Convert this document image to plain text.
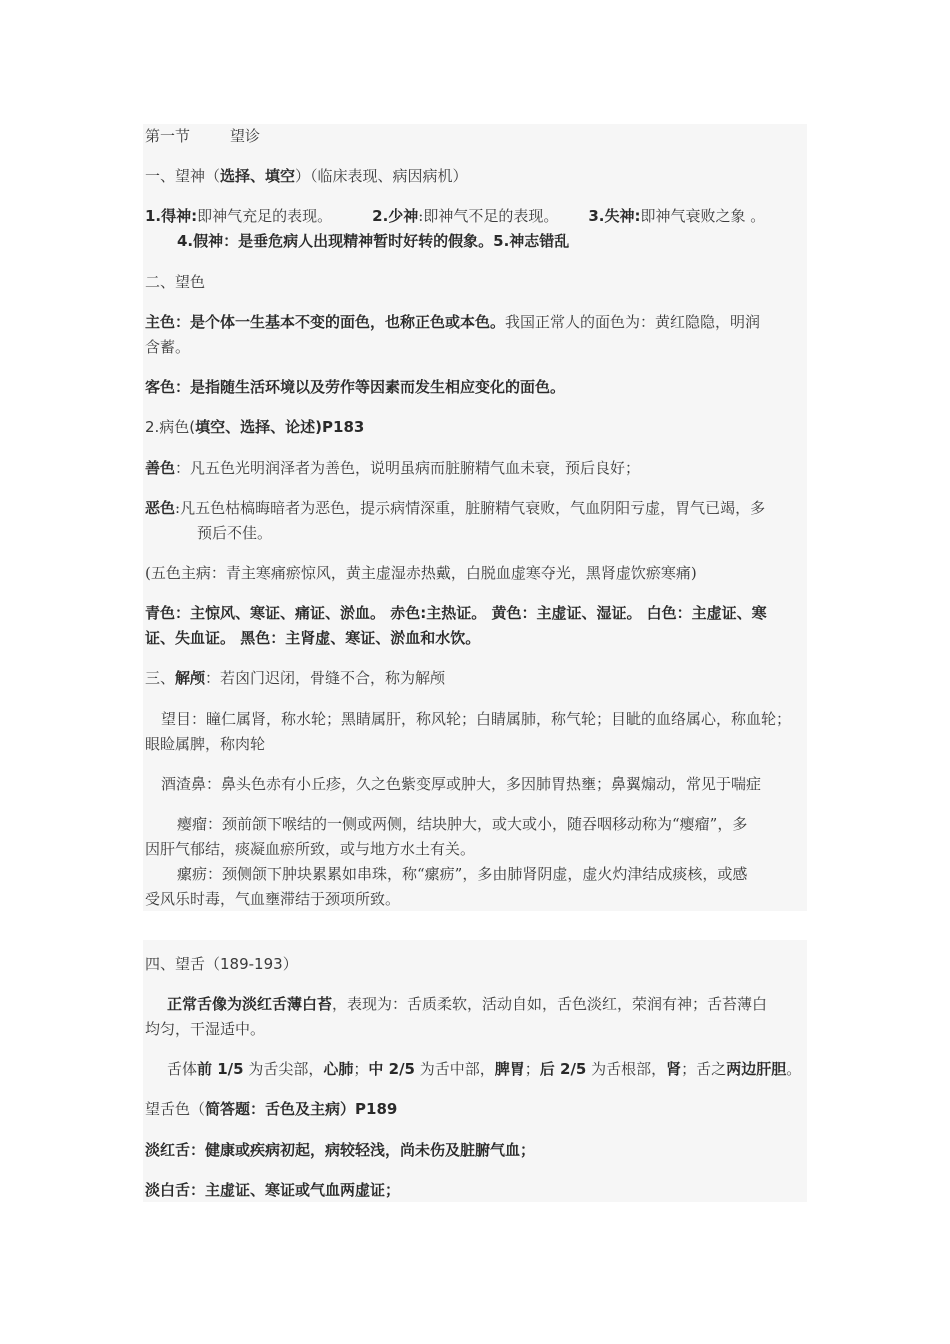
第一节	望诊
一、望神（选择、填空）（临床表现、病因病机）
1.得神:即神气充足的表现。	2.少神:即神气不足的表现。 3.失神:即神气衰败之象 。
4.假神：是垂危病人出现精神暂时好转的假象。5.神志错乱
二、望色
主色：是个体一生基本不变的面色，也称正色或本色。我国正常人的面色为：黄红隐隐，明润
含蓄。
客色：是指随生活环境以及劳作等因素而发生相应变化的面色。
2.病色(填空、选择、论述)P183
善色：凡五色光明润泽者为善色，说明虽病而脏腑精气血未衰，预后良好；
恶色:凡五色枯槁晦暗者为恶色，提示病情深重，脏腑精气衰败，气血阴阳亏虚，胃气已竭，多
预后不佳。
(五色主病：青主寒痛瘀惊风，黄主虚湿赤热戴，白脱血虚寒夺光，黑肾虚饮瘀寒痛)
青色：主惊风、寒证、痛证、淤血。 赤色:主热证。 黄色：主虚证、湿证。 白色：主虚证、寒
证、失血证。 黑色：主肾虚、寒证、淤血和水饮。
三、解颅：若囟门迟闭，骨缝不合，称为解颅
望目：瞳仁属肾，称水轮；黑睛属肝，称风轮；白睛属肺，称气轮；目眦的血络属心，称血轮；
眼睑属脾，称肉轮
酒渣鼻：鼻头色赤有小丘疹，久之色紫变厚或肿大，多因肺胃热壅；鼻翼煽动，常见于喘症
瘿瘤：颈前颌下喉结的一侧或两侧，结块肿大，或大或小，随吞咽移动称为“瘿瘤”，多
因肝气郁结，痰凝血瘀所致，或与地方水土有关。
瘰疬：颈侧颌下肿块累累如串珠，称“瘰疬”，多由肺肾阴虚，虚火灼津结成痰核，或感
受风乐时毒，气血壅滞结于颈项所致。
四、望舌（189-193）
正常舌像为淡红舌薄白苔，表现为：舌质柔软，活动自如，舌色淡红，荣润有神；舌苔薄白
均匀，干湿适中。
舌体前 1/5 为舌尖部，心肺；中 2/5 为舌中部，脾胃；后 2/5 为舌根部，肾；舌之两边肝胆。
望舌色（简答题：舌色及主病）P189
淡红舌：健康或疾病初起，病较轻浅，尚未伤及脏腑气血；
淡白舌：主虚证、寒证或气血两虚证；
